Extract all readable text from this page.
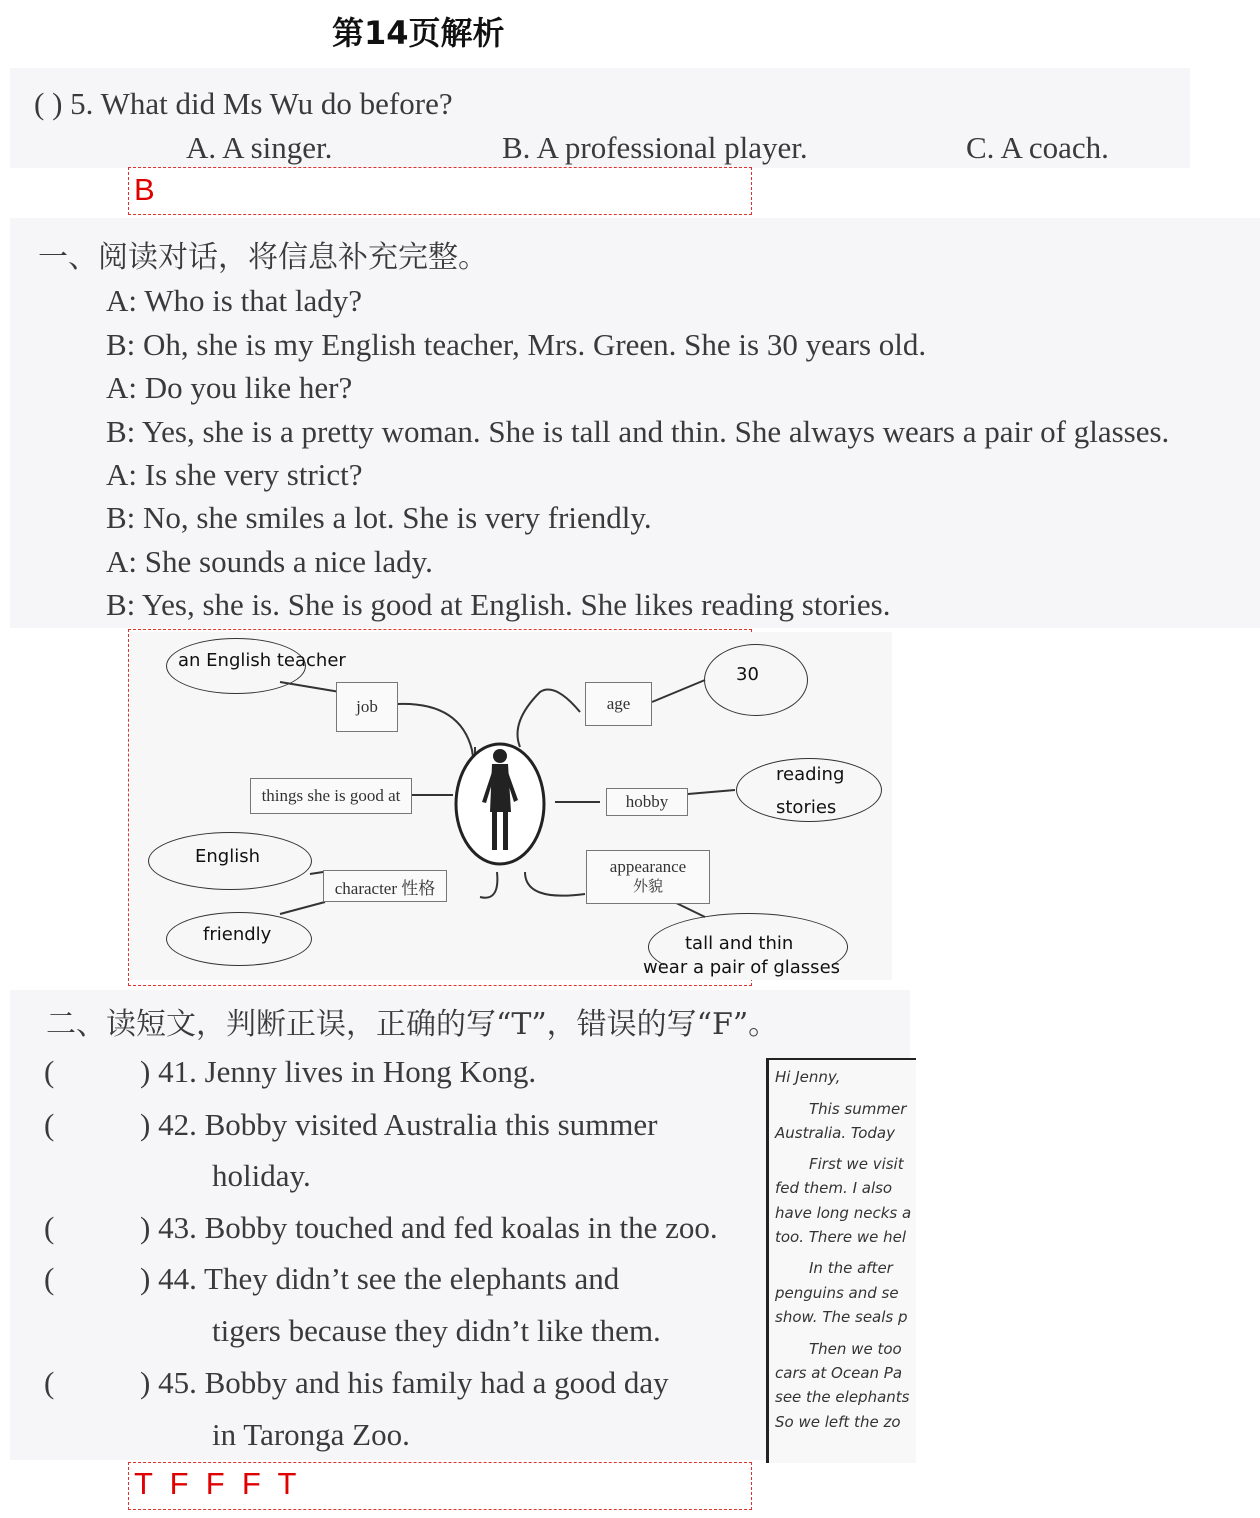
第14页解析
( ) 5. What did Ms Wu do before?
A. A singer.	B. A professional player.	C. A coach.
B
一、阅读对话，将信息补充完整。
A: Who is that lady?
B: Oh, she is my English teacher, Mrs. Green. She is 30 years old.
A: Do you like her?
B: Yes, she is a pretty woman. She is tall and thin. She always wears a pair of glasses.
A: Is she very strict?
B: No, she smiles a lot. She is very friendly.
A: She sounds a nice lady.
B: Yes, she is. She is good at English. She likes reading stories.
job	age
things she is good at	hobby
character 性格
appearance
外貌
an English teacher
30
reading
stories
English
friendly	tall and thin
wear a pair of glasses
二、读短文，判断正误，正确的写“T”，错误的写“F”。
(	) 41. Jenny lives in Hong Kong.
(	) 42. Bobby visited Australia this summer
holiday.
(	) 43. Bobby touched and fed koalas in the zoo.
(	) 44. They didn’t see the elephants and
tigers because they didn’t like them.
(	) 45. Bobby and his family had a good day
in Taronga Zoo.
Hi Jenny,
This summer
Australia. Today
First we visit
fed them. I also
have long necks a
too. There we hel
In the after
penguins and se
show. The seals p
Then we too
cars at Ocean Pa
see the elephants
So we left the zo
T  F  F  F  T
